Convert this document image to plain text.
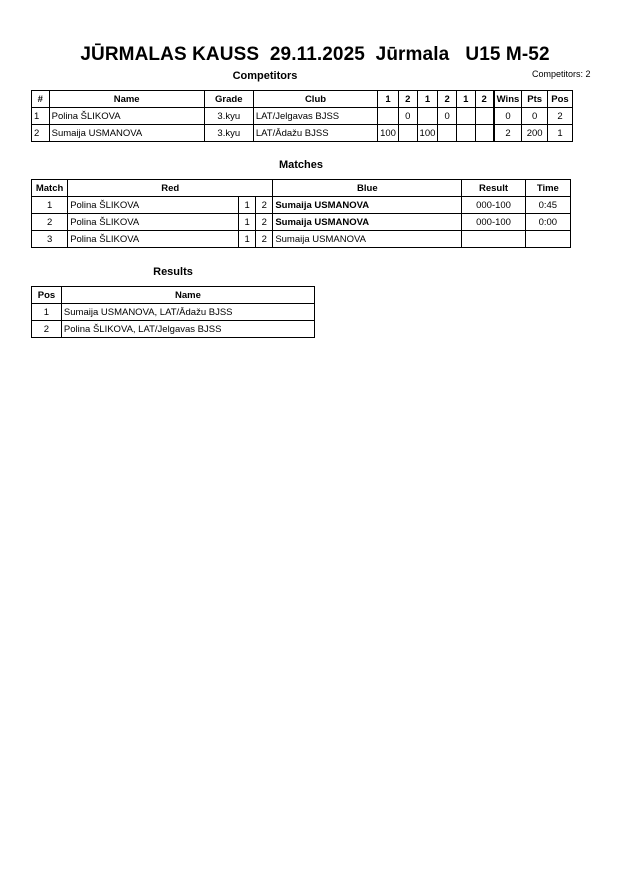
JŪRMALAS KAUSS  29.11.2025  Jūrmala   U15 M-52
Competitors: 2
Competitors
#	Name	Grade	Club	1	2	1	2	1	2	Wins	Pts	Pos
1	Polina ŠLIKOVA	3.kyu	LAT/Jelgavas BJSS		0		0			0	0	2
2	Sumaija USMANOVA	3.kyu	LAT/Ādažu BJSS	100		100				2	200	1
Matches
Match	Red			Blue	Result	Time
1	Polina ŠLIKOVA	1	2	Sumaija USMANOVA	000-100	0:45
2	Polina ŠLIKOVA	1	2	Sumaija USMANOVA	000-100	0:00
3	Polina ŠLIKOVA	1	2	Sumaija USMANOVA		
Results
Pos	Name
1	Sumaija USMANOVA, LAT/Ādažu BJSS
2	Polina ŠLIKOVA, LAT/Jelgavas BJSS
